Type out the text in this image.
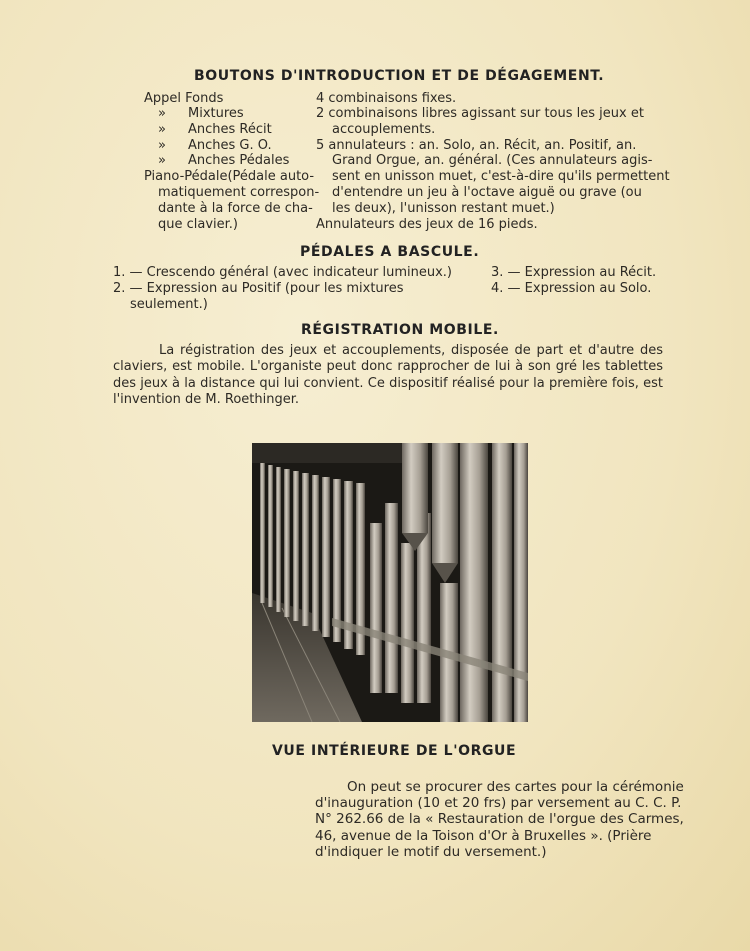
BOUTONS D'INTRODUCTION ET DE DÉGAGEMENT.
Appel Fonds
» Mixtures
» Anches Récit
» Anches G. O.
» Anches Pédales
Piano-Pédale(Pédale auto-
matiquement correspon-
dante à la force de cha-
que clavier.)
4 combinaisons fixes.
2 combinaisons libres agissant sur tous les jeux et
accouplements.
5 annulateurs : an. Solo, an. Récit, an. Positif, an.
Grand Orgue, an. général. (Ces annulateurs agis-
sent en unisson muet, c'est-à-dire qu'ils permettent
d'entendre un jeu à l'octave aiguë ou grave (ou
les deux), l'unisson restant muet.)
Annulateurs des jeux de 16 pieds.
PÉDALES A BASCULE.
1. — Crescendo général (avec indicateur lumineux.)
2. — Expression au Positif (pour les mixtures
seulement.)
3. — Expression au Récit.
4. — Expression au Solo.
RÉGISTRATION MOBILE.
La régistration des jeux et accouplements, disposée de part et d'autre des claviers, est mobile. L'organiste peut donc rapprocher de lui à son gré les tablettes des jeux à la distance qui lui convient. Ce dispositif réalisé pour la première fois, est l'invention de M. Roethinger.
VUE INTÉRIEURE DE L'ORGUE
On peut se procurer des cartes pour la cérémonie
d'inauguration (10 et 20 frs) par versement au C. C. P.
N° 262.66 de la « Restauration de l'orgue des Carmes,
46, avenue de la Toison d'Or à Bruxelles ». (Prière
d'indiquer le motif du versement.)
